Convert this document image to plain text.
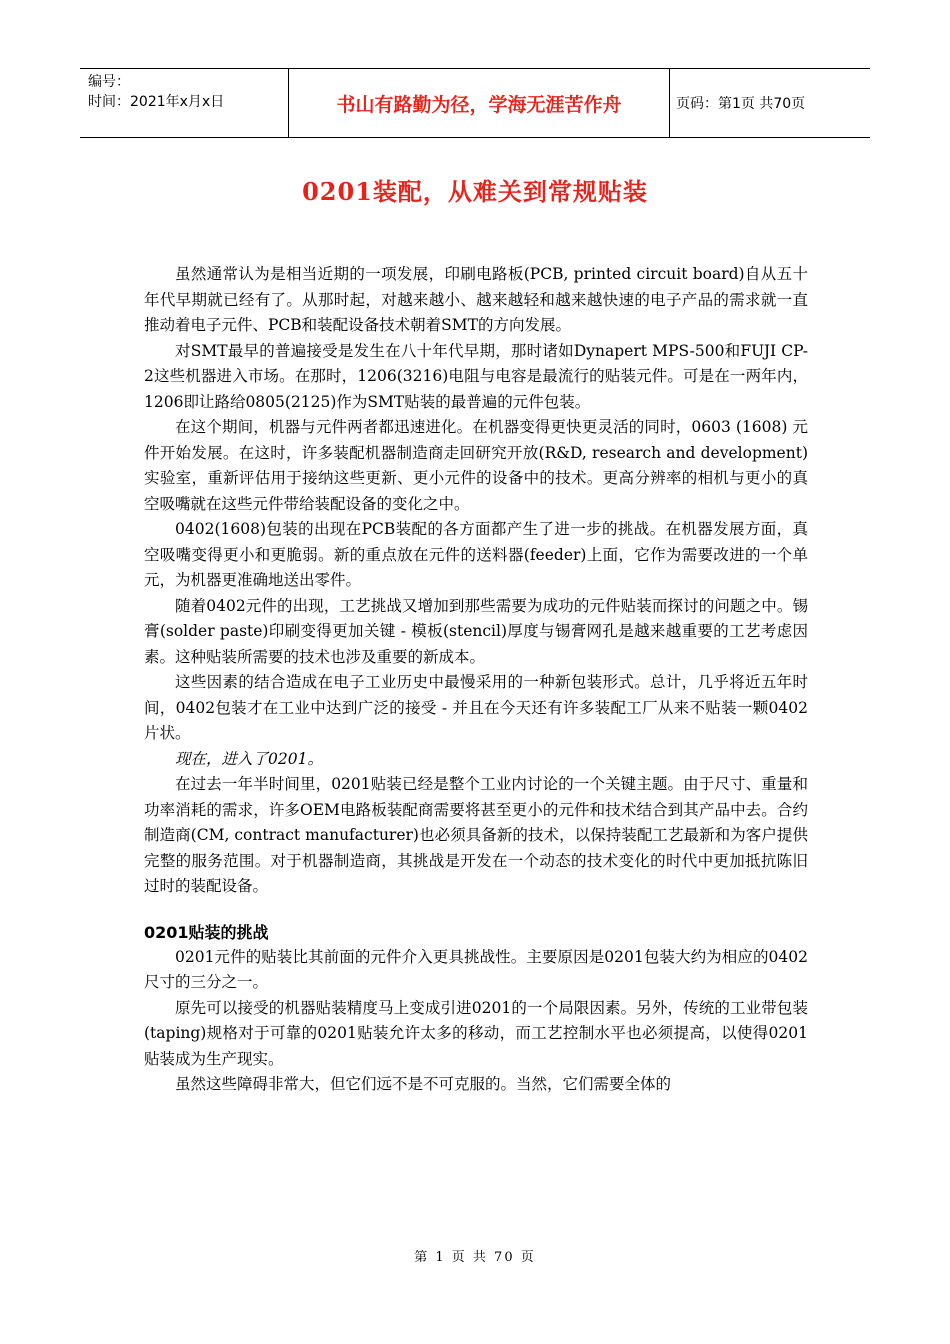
编号：
时间：2021年x月x日	书山有路勤为径，学海无涯苦作舟	页码：第1页 共70页
0201装配，从难关到常规贴装

虽然通常认为是相当近期的一项发展，印刷电路板(PCB, printed circuit board)自从五十年代早期就已经有了。从那时起，对越来越小、越来越轻和越来越快速的电子产品的需求就一直推动着电子元件、PCB和装配设备技术朝着SMT的方向发展。

对SMT最早的普遍接受是发生在八十年代早期，那时诸如Dynapert MPS-500和FUJI CP-2这些机器进入市场。在那时，1206(3216)电阻与电容是最流行的贴装元件。可是在一两年内，1206即让路给0805(2125)作为SMT贴装的最普遍的元件包装。

在这个期间，机器与元件两者都迅速进化。在机器变得更快更灵活的同时，0603 (1608) 元件开始发展。在这时，许多装配机器制造商走回研究开放(R&D, research and development)实验室，重新评估用于接纳这些更新、更小元件的设备中的技术。更高分辨率的相机与更小的真空吸嘴就在这些元件带给装配设备的变化之中。

0402(1608)包装的出现在PCB装配的各方面都产生了进一步的挑战。在机器发展方面，真空吸嘴变得更小和更脆弱。新的重点放在元件的送料器(feeder)上面，它作为需要改进的一个单元，为机器更准确地送出零件。

随着0402元件的出现，工艺挑战又增加到那些需要为成功的元件贴装而探讨的问题之中。锡膏(solder paste)印刷变得更加关键 - 模板(stencil)厚度与锡膏网孔是越来越重要的工艺考虑因素。这种贴装所需要的技术也涉及重要的新成本。

这些因素的结合造成在电子工业历史中最慢采用的一种新包装形式。总计，几乎将近五年时间，0402包装才在工业中达到广泛的接受 - 并且在今天还有许多装配工厂从来不贴装一颗0402片状。

现在，进入了0201。

在过去一年半时间里，0201贴装已经是整个工业内讨论的一个关键主题。由于尺寸、重量和功率消耗的需求，许多OEM电路板装配商需要将甚至更小的元件和技术结合到其产品中去。合约制造商(CM, contract manufacturer)也必须具备新的技术，以保持装配工艺最新和为客户提供完整的服务范围。对于机器制造商，其挑战是开发在一个动态的技术变化的时代中更加抵抗陈旧过时的装配设备。

0201贴装的挑战

0201元件的贴装比其前面的元件介入更具挑战性。主要原因是0201包装大约为相应的0402尺寸的三分之一。

原先可以接受的机器贴装精度马上变成引进0201的一个局限因素。另外，传统的工业带包装(taping)规格对于可靠的0201贴装允许太多的移动，而工艺控制水平也必须提高，以使得0201贴装成为生产现实。

虽然这些障碍非常大，但它们远不是不可克服的。当然，它们需要全体的

第 1 页 共 70 页
